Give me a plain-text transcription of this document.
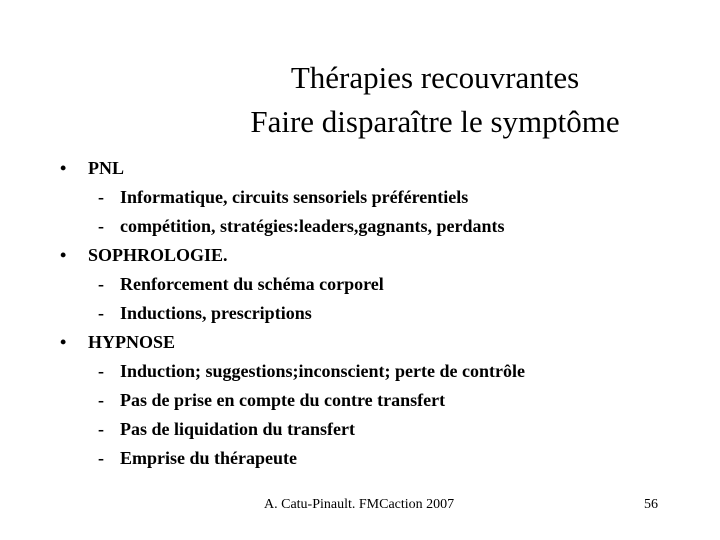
Thérapies recouvrantes
Faire disparaître le symptôme
• PNL
- Informatique, circuits sensoriels préférentiels
- compétition, stratégies:leaders,gagnants, perdants
• SOPHROLOGIE.
- Renforcement du schéma corporel
- Inductions, prescriptions
• HYPNOSE
- Induction; suggestions;inconscient; perte de contrôle
- Pas de prise en compte du contre transfert
- Pas de liquidation du transfert
- Emprise du thérapeute
A. Catu-Pinault. FMCaction 2007	56
